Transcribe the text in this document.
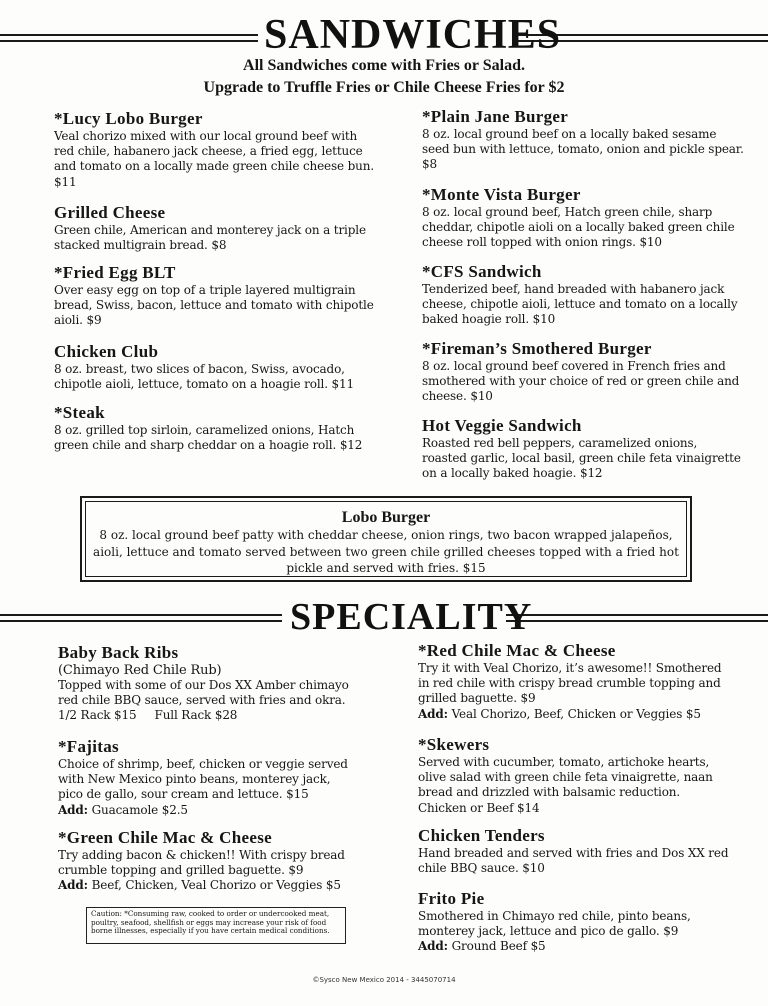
SANDWICHES
All Sandwiches come with Fries or Salad.
Upgrade to Truffle Fries or Chile Cheese Fries for $2
*Lucy Lobo Burger

Veal chorizo mixed with our local ground beef with red chile, habanero jack cheese, a fried egg, lettuce and tomato on a locally made green chile cheese bun. $11

Grilled Cheese

Green chile, American and monterey jack on a triple stacked multigrain bread. $8

*Fried Egg BLT

Over easy egg on top of a triple layered multigrain bread, Swiss, bacon, lettuce and tomato with chipotle aioli. $9

Chicken Club

8 oz. breast, two slices of bacon, Swiss, avocado, chipotle aioli, lettuce, tomato on a hoagie roll. $11

*Steak

8 oz. grilled top sirloin, caramelized onions, Hatch green chile and sharp cheddar on a hoagie roll. $12

*Plain Jane Burger

8 oz. local ground beef on a locally baked sesame seed bun with lettuce, tomato, onion and pickle spear. $8

*Monte Vista Burger

8 oz. local ground beef, Hatch green chile, sharp cheddar, chipotle aioli on a locally baked green chile cheese roll topped with onion rings. $10

*CFS Sandwich

Tenderized beef, hand breaded with habanero jack cheese, chipotle aioli, lettuce and tomato on a locally baked hoagie roll. $10

*Fireman’s Smothered Burger

8 oz. local ground beef covered in French fries and smothered with your choice of red or green chile and cheese. $10

Hot Veggie Sandwich

Roasted red bell peppers, caramelized onions, roasted garlic, local basil, green chile feta vinaigrette on a locally baked hoagie. $12

Lobo Burger

8 oz. local ground beef patty with cheddar cheese, onion rings, two bacon wrapped jalapeños, aioli, lettuce and tomato served between two green chile grilled cheeses topped with a fried hot pickle and served with fries. $15

SPECIALITY
Baby Back Ribs

(Chimayo Red Chile Rub)

Topped with some of our Dos XX Amber chimayo red chile BBQ sauce, served with fries and okra.

1/2 Rack $15 Full Rack $28

*Fajitas

Choice of shrimp, beef, chicken or veggie served with New Mexico pinto beans, monterey jack, pico de gallo, sour cream and lettuce. $15

Add: Guacamole $2.5

*Green Chile Mac & Cheese

Try adding bacon & chicken!! With crispy bread crumble topping and grilled baguette. $9

Add: Beef, Chicken, Veal Chorizo or Veggies $5

*Red Chile Mac & Cheese

Try it with Veal Chorizo, it’s awesome!! Smothered in red chile with crispy bread crumble topping and grilled baguette. $9

Add: Veal Chorizo, Beef, Chicken or Veggies $5

*Skewers

Served with cucumber, tomato, artichoke hearts, olive salad with green chile feta vinaigrette, naan bread and drizzled with balsamic reduction. Chicken or Beef $14

Chicken Tenders

Hand breaded and served with fries and Dos XX red chile BBQ sauce. $10

Frito Pie

Smothered in Chimayo red chile, pinto beans, monterey jack, lettuce and pico de gallo. $9

Add: Ground Beef $5

Caution: *Consuming raw, cooked to order or undercooked meat, poultry, seafood, shellfish or eggs may increase your risk of food borne illnesses, especially if you have certain medical conditions.
©Sysco New Mexico 2014 - 3445070714
